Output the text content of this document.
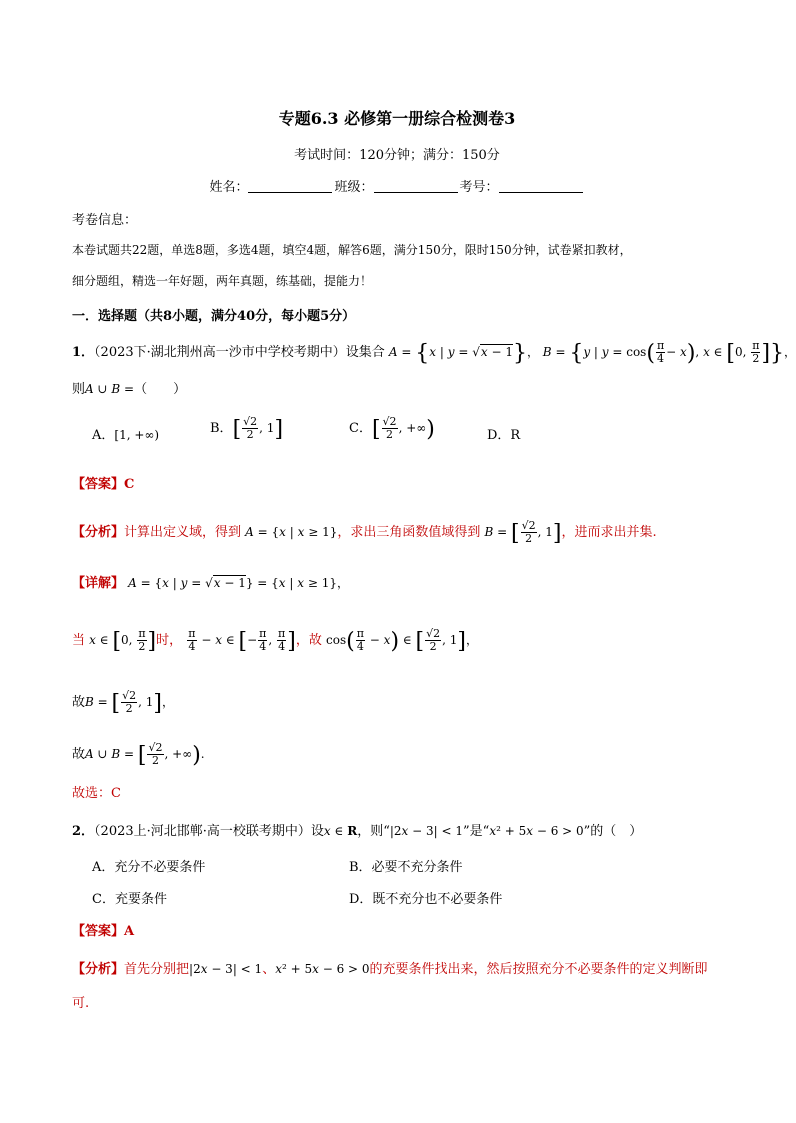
专题6.3 必修第一册综合检测卷3
考试时间：120分钟；满分：150分
姓名：	班级：	考号：
考卷信息：
本卷试题共22题，单选8题，多选4题，填空4题，解答6题，满分150分，限时150分钟，试卷紧扣教材，
细分题组，精选一年好题，两年真题，练基础，提能力！
一．选择题（共8小题，满分40分，每小题5分）
1．（2023下·湖北荆州高一沙市中学校考期中）设集合 A = {x | y = √x − 1}， B = {y | $y = \cos( \frac{\pi}{4} - x)$, x ∈ [0, $\frac{\pi}{2}$ ]}，
则A ∪ B =（　　）
A．[1, +∞)	B．[ $\frac{√2}{2}$ , 1]	C．[ $\frac{√2}{2}$ , +∞)	D．R
【答案】C
【分析】计算出定义域，得到 A = {x | x ≥ 1}，求出三角函数值域得到 B = [ $\frac{√2}{2}$ , 1]，进而求出并集.
【详解】 A = {x | y = √x − 1} = {x | x ≥ 1}，
当 x ∈ [0, $\frac{\pi}{2}$ ]时， $\frac{\pi}{4} - x$ ∈ [− $\frac{\pi}{4}$ , $\frac{\pi}{4}$ ]，故 $\cos( \frac{\pi}{4} - x)$ ∈ [ $\frac{√2}{2}$ , 1]，
故B = [ $\frac{√2}{2}$ , 1]，
故A ∪ B = [ $\frac{√2}{2}$ , +∞).
故选：C
2．（2023上·河北邯郸·高一校联考期中）设x ∈ R，则“|2x − 3| < 1”是“x² + 5x − 6 > 0”的（　）
A．充分不必要条件	B．必要不充分条件
C．充要条件	D．既不充分也不必要条件
【答案】A
【分析】首先分别把|2x − 3| < 1、x² + 5x − 6 > 0的充要条件找出来，然后按照充分不必要条件的定义判断即
可.
